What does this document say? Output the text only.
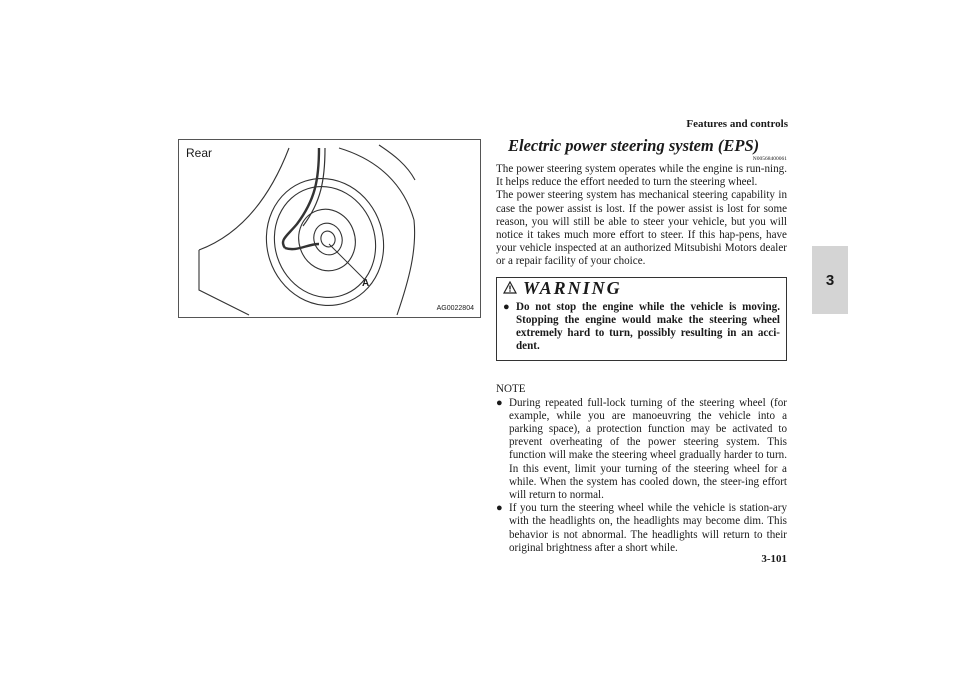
Features and controls
3
Rear
A
AG0022804
Electric power steering system (EPS)
N00568400061

The power steering system operates while the engine is run-ning. It helps reduce the effort needed to turn the steering wheel.

The power steering system has mechanical steering capability in case the power assist is lost. If the power assist is lost for some reason, you will still be able to steer your vehicle, but you will notice it takes much more effort to steer. If this hap-pens, have your vehicle inspected at an authorized Mitsubishi Motors dealer or a repair facility of your choice.

WARNING
● Do not stop the engine while the vehicle is moving. Stopping the engine would make the steering wheel extremely hard to turn, possibly resulting in an acci-dent.

NOTE
● During repeated full-lock turning of the steering wheel (for example, while you are manoeuvring the vehicle into a parking space), a protection function may be activated to prevent overheating of the power steering system. This function will make the steering wheel gradually harder to turn. In this event, limit your turning of the steering wheel for a while. When the system has cooled down, the steer-ing effort will return to normal.

● If you turn the steering wheel while the vehicle is station-ary with the headlights on, the headlights may become dim. This behavior is not abnormal. The headlights will return to their original brightness after a short while.

3-101
